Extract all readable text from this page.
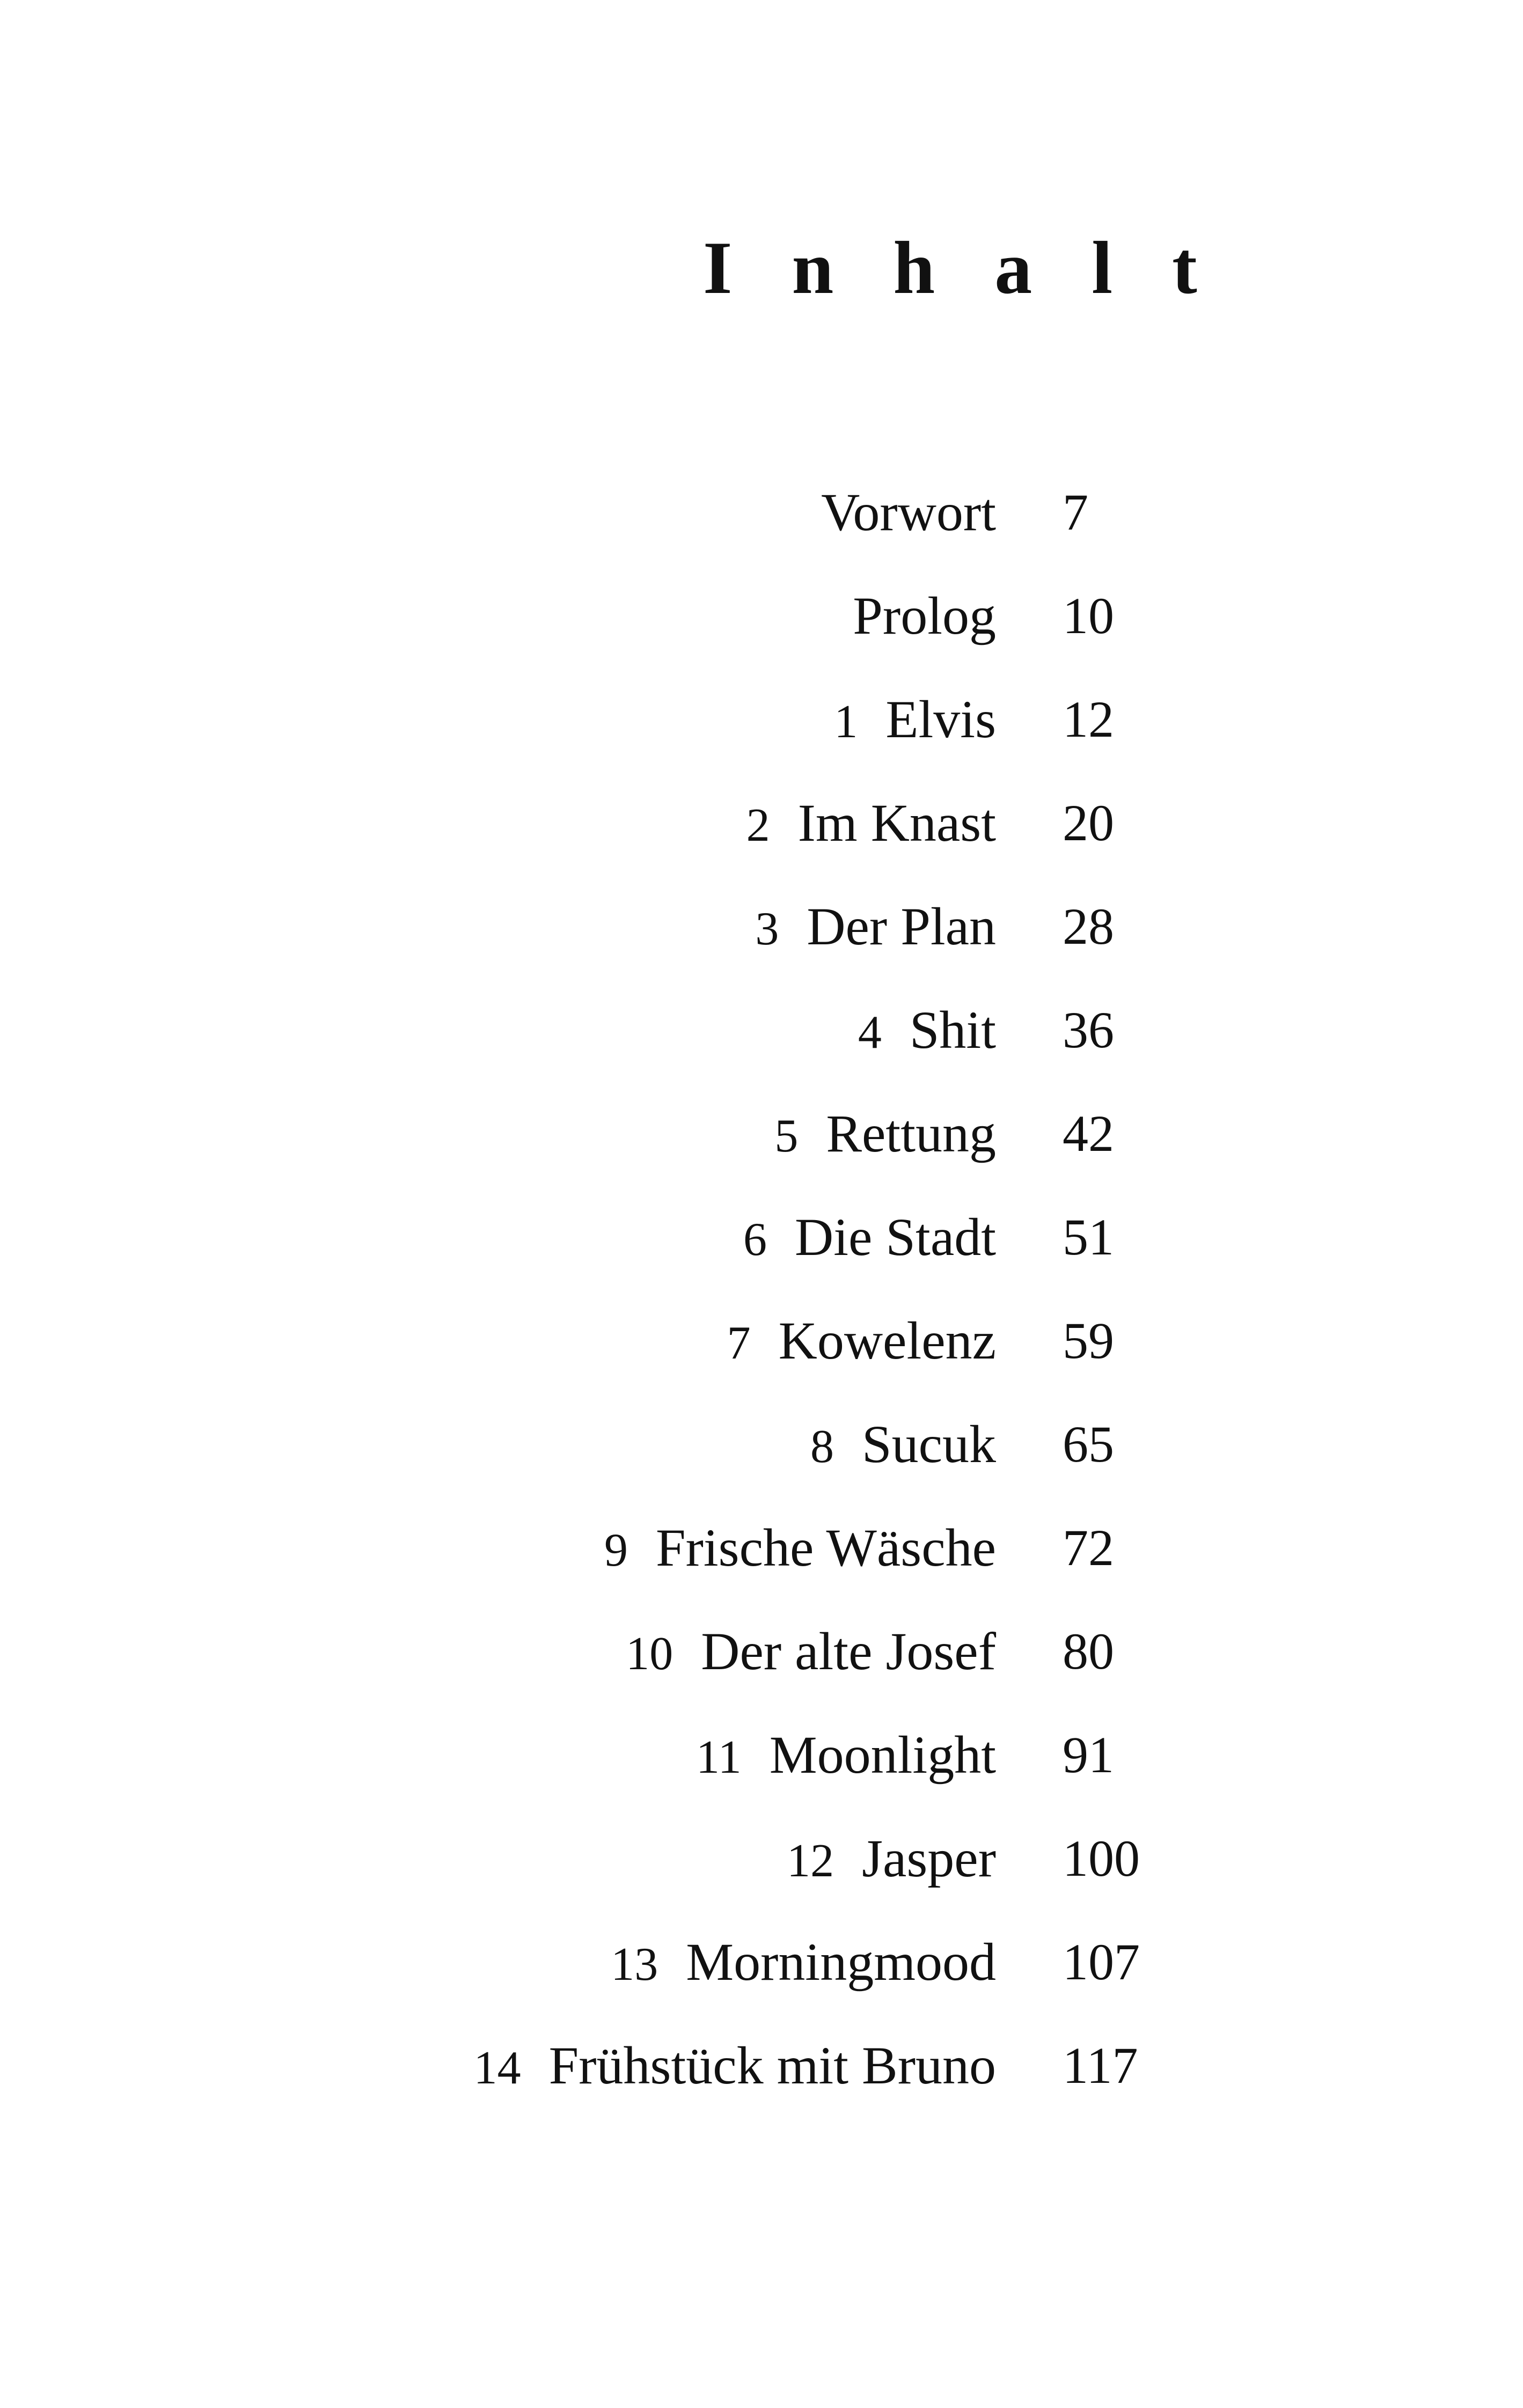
I n h a l t
Vorwort 7
Prolog 10
1 Elvis 12
2 Im Knast 20
3 Der Plan 28
4 Shit 36
5 Rettung 42
6 Die Stadt 51
7 Kowelenz 59
8 Sucuk 65
9 Frische Wäsche 72
10 Der alte Josef 80
11 Moonlight 91
12 Jasper 100
13 Morningmood 107
14 Frühstück mit Bruno 117
